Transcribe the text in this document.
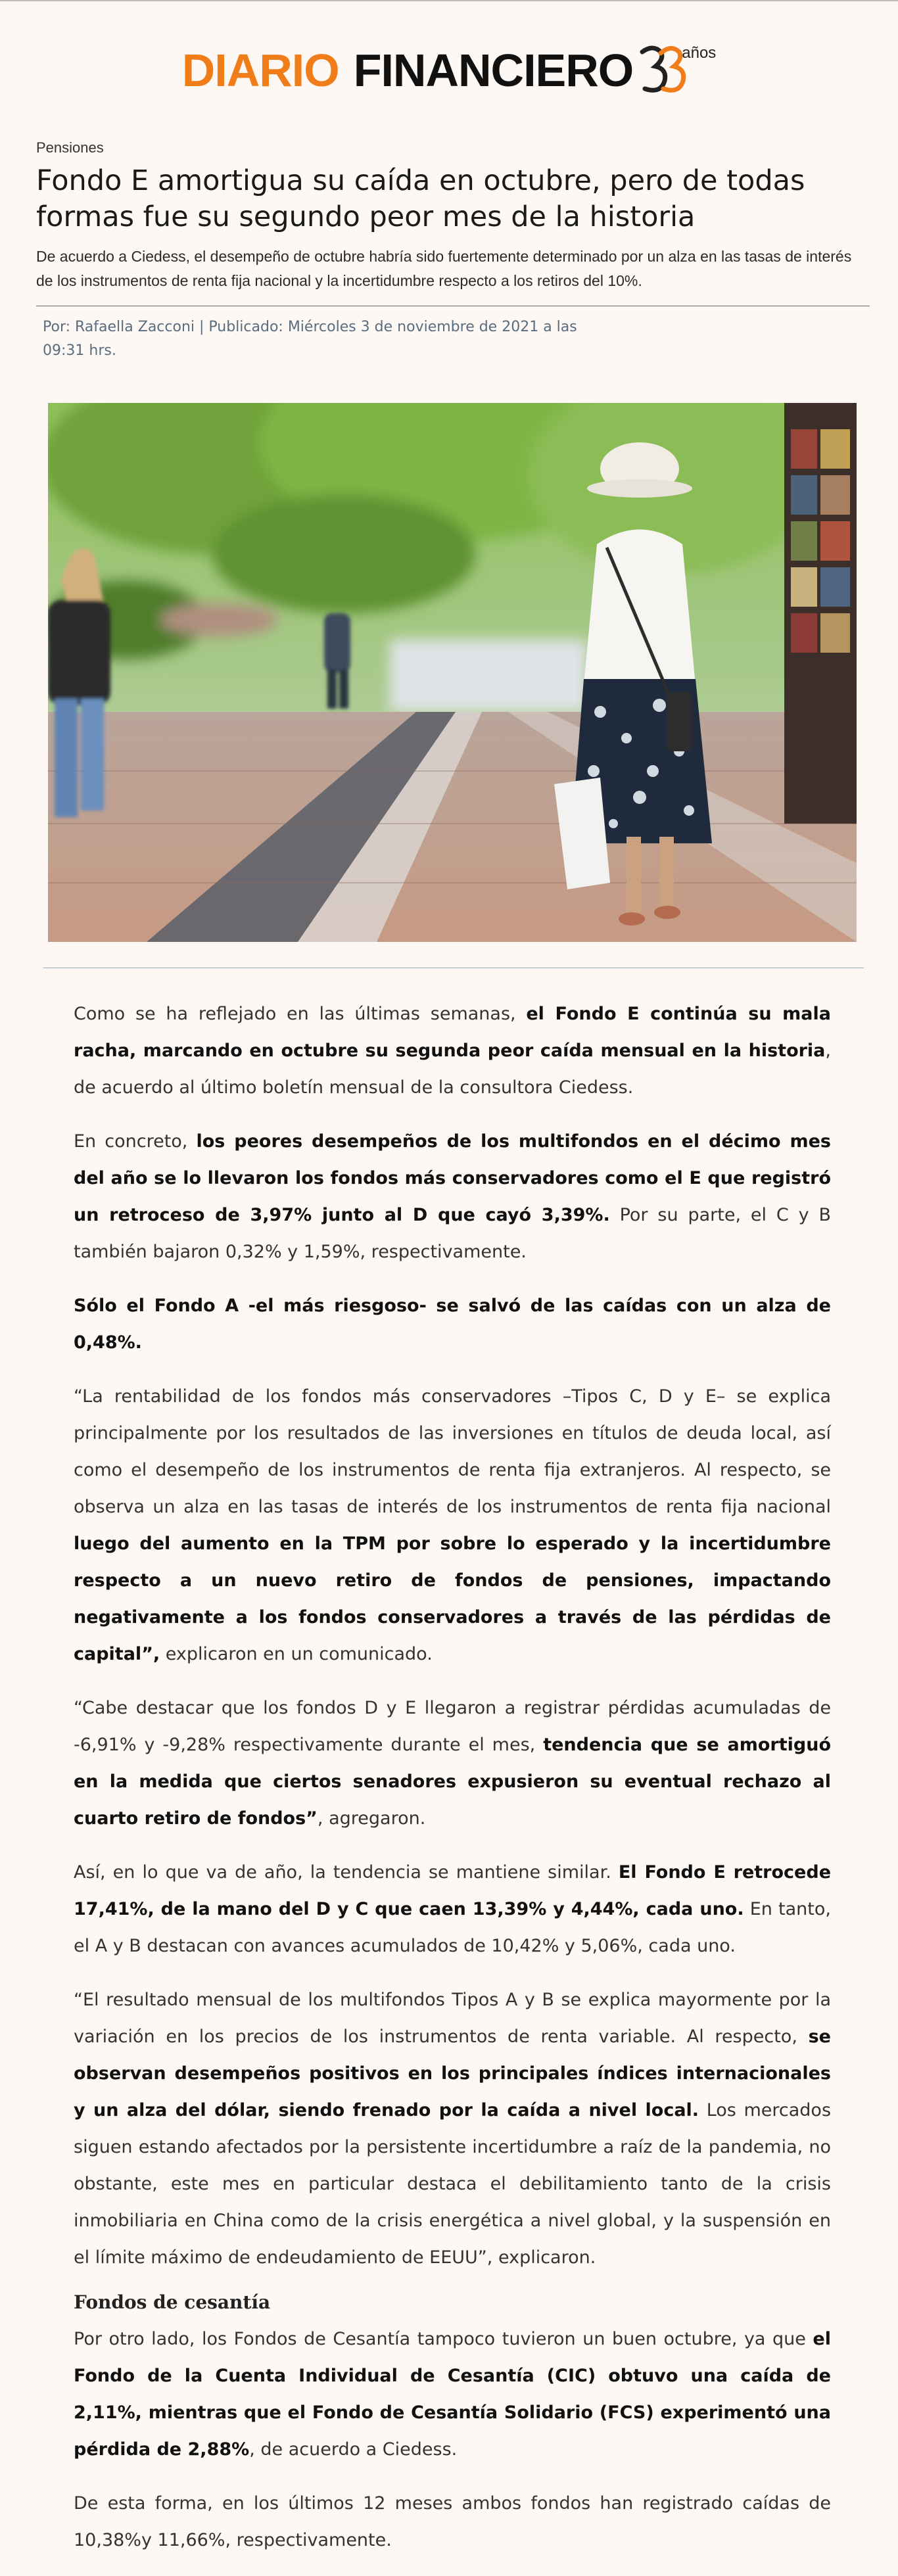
DIARIO FINANCIERO	años

Pensiones

Fondo E amortigua su caída en octubre, pero de todas formas fue su segundo peor mes de la historia

De acuerdo a Ciedess, el desempeño de octubre habría sido fuertemente determinado por un alza en las tasas de interés de los instrumentos de renta fija nacional y la incertidumbre respecto a los retiros del 10%.

Por: Rafaella Zacconi | Publicado: Miércoles 3 de noviembre de 2021 a las 09:31 hrs.

Como se ha reflejado en las últimas semanas, el Fondo E continúa su mala racha, marcando en octubre su segunda peor caída mensual en la historia, de acuerdo al último boletín mensual de la consultora Ciedess.

En concreto, los peores desempeños de los multifondos en el décimo mes del año se lo llevaron los fondos más conservadores como el E que registró un retroceso de 3,97% junto al D que cayó 3,39%. Por su parte, el C y B también bajaron 0,32% y 1,59%, respectivamente.

Sólo el Fondo A -el más riesgoso- se salvó de las caídas con un alza de 0,48%.

“La rentabilidad de los fondos más conservadores –Tipos C, D y E– se explica principalmente por los resultados de las inversiones en títulos de deuda local, así como el desempeño de los instrumentos de renta fija extranjeros. Al respecto, se observa un alza en las tasas de interés de los instrumentos de renta fija nacional luego del aumento en la TPM por sobre lo esperado y la incertidumbre respecto a un nuevo retiro de fondos de pensiones, impactando negativamente a los fondos conservadores a través de las pérdidas de capital”, explicaron en un comunicado.

“Cabe destacar que los fondos D y E llegaron a registrar pérdidas acumuladas de -6,91% y -9,28% respectivamente durante el mes, tendencia que se amortiguó en la medida que ciertos senadores expusieron su eventual rechazo al cuarto retiro de fondos”, agregaron.

Así, en lo que va de año, la tendencia se mantiene similar. El Fondo E retrocede 17,41%, de la mano del D y C que caen 13,39% y 4,44%, cada uno. En tanto, el A y B destacan con avances acumulados de 10,42% y 5,06%, cada uno.

“El resultado mensual de los multifondos Tipos A y B se explica mayormente por la variación en los precios de los instrumentos de renta variable. Al respecto, se observan desempeños positivos en los principales índices internacionales y un alza del dólar, siendo frenado por la caída a nivel local. Los mercados siguen estando afectados por la persistente incertidumbre a raíz de la pandemia, no obstante, este mes en particular destaca el debilitamiento tanto de la crisis inmobiliaria en China como de la crisis energética a nivel global, y la suspensión en el límite máximo de endeudamiento de EEUU”, explicaron.

Fondos de cesantía

Por otro lado, los Fondos de Cesantía tampoco tuvieron un buen octubre, ya que el Fondo de la Cuenta Individual de Cesantía (CIC) obtuvo una caída de 2,11%, mientras que el Fondo de Cesantía Solidario (FCS) experimentó una pérdida de 2,88%, de acuerdo a Ciedess.

De esta forma, en los últimos 12 meses ambos fondos han registrado caídas de 10,38%y 11,66%, respectivamente.
